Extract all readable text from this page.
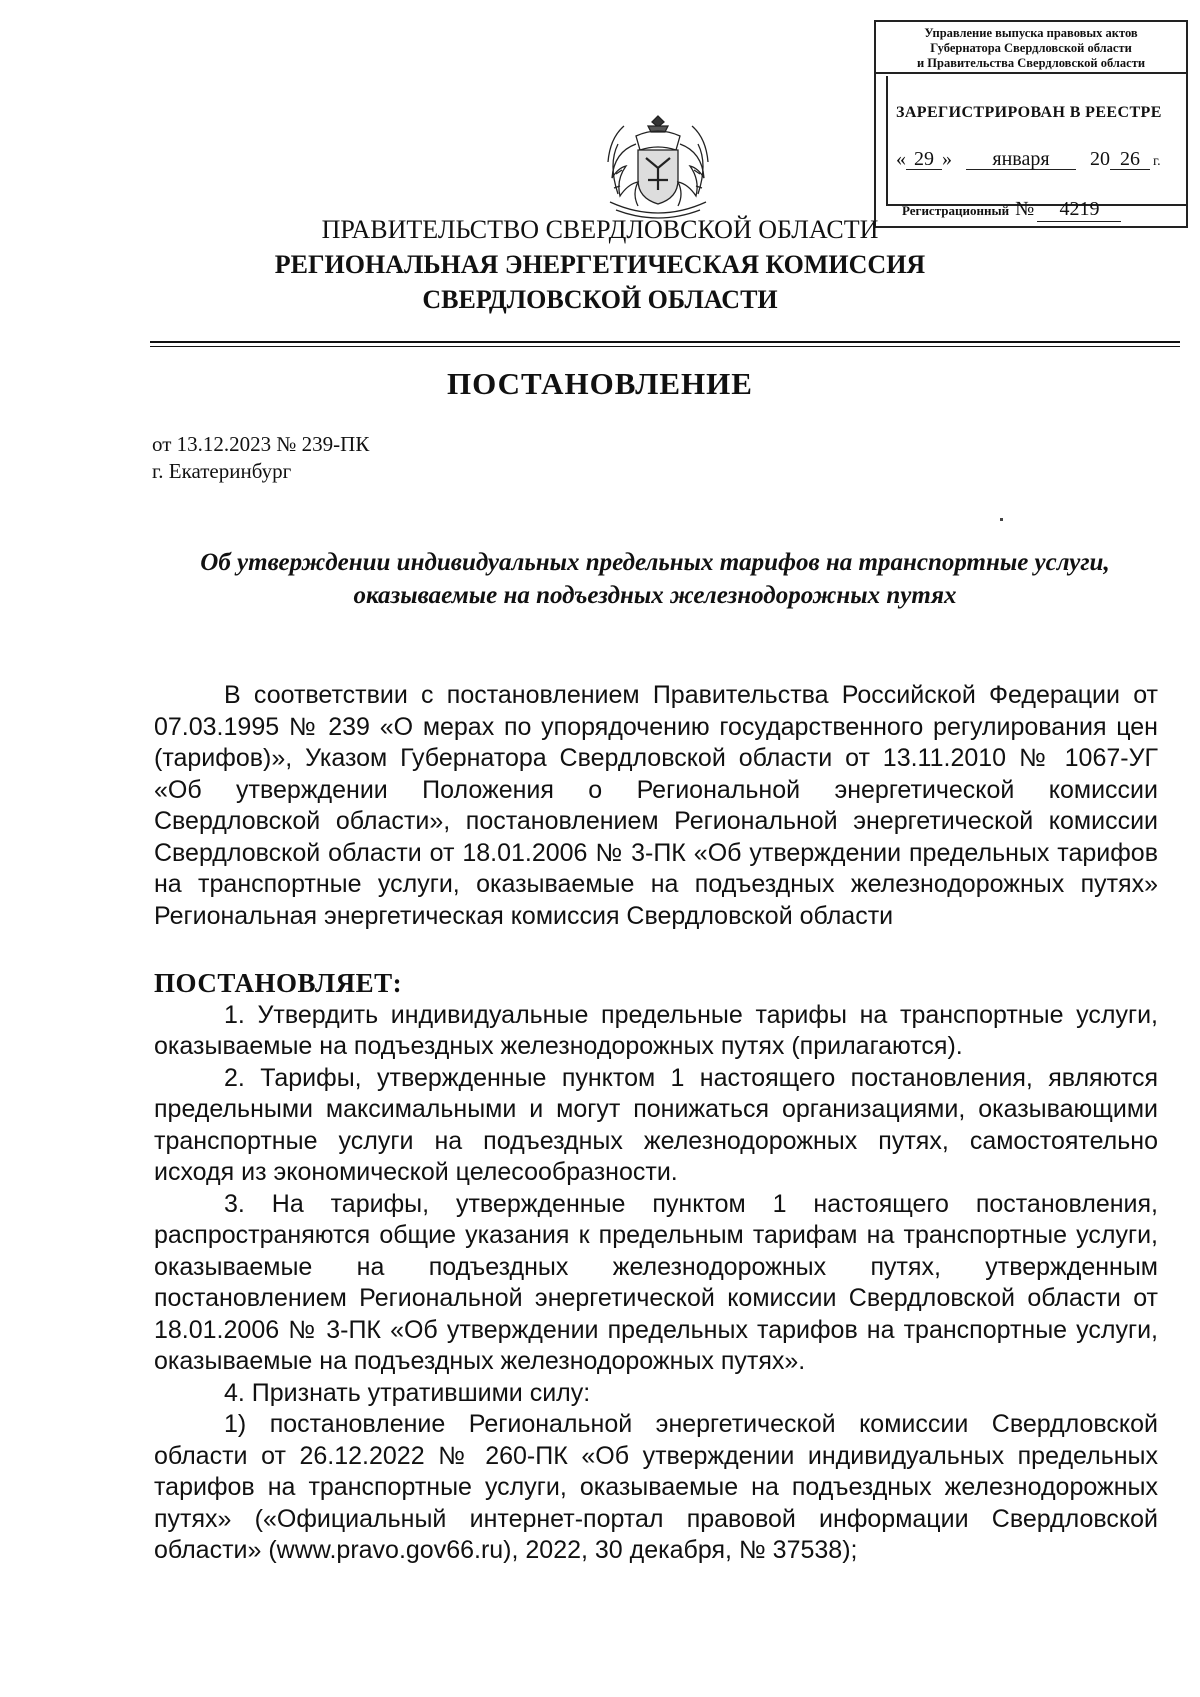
Управление выпуска правовых актов
Губернатора Свердловской области
и Правительства Свердловской области
ЗАРЕГИСТРИРОВАН В РЕЕСТРЕ
« 29 » января 20 26 г.
Регистрационный № 4219
ПРАВИТЕЛЬСТВО СВЕРДЛОВСКОЙ ОБЛАСТИ
РЕГИОНАЛЬНАЯ ЭНЕРГЕТИЧЕСКАЯ КОМИССИЯ
СВЕРДЛОВСКОЙ ОБЛАСТИ
ПОСТАНОВЛЕНИЕ
от 13.12.2023 № 239-ПК
г. Екатеринбург
Об утверждении индивидуальных предельных тарифов на транспортные услуги, оказываемые на подъездных железнодорожных путях

В соответствии с постановлением Правительства Российской Федерации от 07.03.1995 № 239 «О мерах по упорядочению государственного регулирования цен (тарифов)», Указом Губернатора Свердловской области от 13.11.2010 № 1067-УГ «Об утверждении Положения о Региональной энергетической комиссии Свердловской области», постановлением Региональной энергетической комиссии Свердловской области от 18.01.2006 № 3-ПК «Об утверждении предельных тарифов на транспортные услуги, оказываемые на подъездных железнодорожных путях» Региональная энергетическая комиссия Свердловской области

ПОСТАНОВЛЯЕТ:

1. Утвердить индивидуальные предельные тарифы на транспортные услуги, оказываемые на подъездных железнодорожных путях (прилагаются).

2. Тарифы, утвержденные пунктом 1 настоящего постановления, являются предельными максимальными и могут понижаться организациями, оказывающими транспортные услуги на подъездных железнодорожных путях, самостоятельно исходя из экономической целесообразности.

3. На тарифы, утвержденные пунктом 1 настоящего постановления, распространяются общие указания к предельным тарифам на транспортные услуги, оказываемые на подъездных железнодорожных путях, утвержденным постановлением Региональной энергетической комиссии Свердловской области от 18.01.2006 № 3-ПК «Об утверждении предельных тарифов на транспортные услуги, оказываемые на подъездных железнодорожных путях».

4. Признать утратившими силу:

1) постановление Региональной энергетической комиссии Свердловской области от 26.12.2022 № 260-ПК «Об утверждении индивидуальных предельных тарифов на транспортные услуги, оказываемые на подъездных железнодорожных путях» («Официальный интернет-портал правовой информации Свердловской области» (www.pravo.gov66.ru), 2022, 30 декабря, № 37538);
